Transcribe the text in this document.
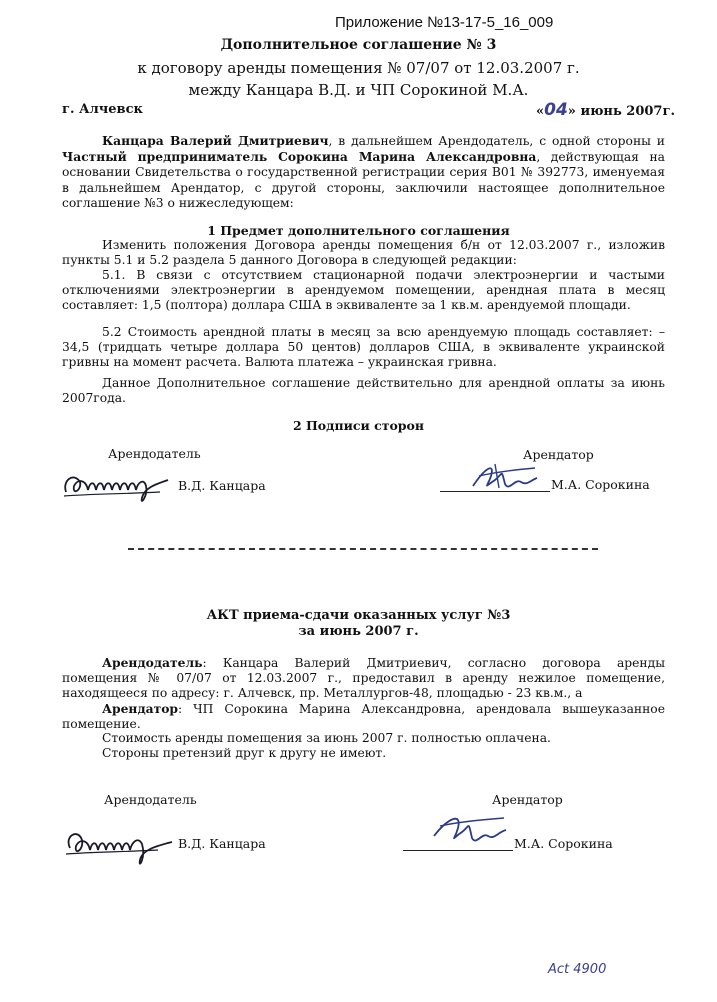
Приложение №13-17-5_16_009

Дополнительное соглашение № 3

к договору аренды помещения № 07/07 от 12.03.2007 г.

между Канцара В.Д. и ЧП Сорокиной М.А.

г. Алчевск	«04» июнь 2007г.

Канцара Валерий Дмитриевич, в дальнейшем Арендодатель, с одной стороны и Частный предприниматель Сорокина Марина Александровна, действующая на основании Свидетельства о государственной регистрации серия В01 № 392773, именуемая в дальнейшем Арендатор, с другой стороны, заключили настоящее дополнительное соглашение №3 о нижеследующем:

1 Предмет дополнительного соглашения

Изменить положения Договора аренды помещения б/н от 12.03.2007 г., изложив пункты 5.1 и 5.2 раздела 5 данного Договора в следующей редакции:

5.1. В связи с отсутствием стационарной подачи электроэнергии и частыми отключениями электроэнергии в арендуемом помещении, арендная плата в месяц составляет: 1,5 (полтора) доллара США в эквиваленте за 1 кв.м. арендуемой площади.

5.2 Стоимость арендной платы в месяц за всю арендуемую площадь составляет: – 34,5 (тридцать четыре доллара 50 центов) долларов США, в эквиваленте украинской гривны на момент расчета. Валюта платежа – украинская гривна.

Данное Дополнительное соглашение действительно для арендной оплаты за июнь 2007года.

2 Подписи сторон

Арендодатель

В.Д. Канцара

Арендатор

М.А. Сорокина

АКТ приема-сдачи оказанных услуг №3

за июнь 2007 г.

Арендодатель: Канцара Валерий Дмитриевич, согласно договора аренды помещения № 07/07 от 12.03.2007 г., предоставил в аренду нежилое помещение, находящееся по адресу: г. Алчевск, пр. Металлургов-48, площадью - 23 кв.м., а

Арендатор: ЧП Сорокина Марина Александровна, арендовала вышеуказанное помещение.

Стоимость аренды помещения за июнь 2007 г. полностью оплачена.

Стороны претензий друг к другу не имеют.

Арендодатель

В.Д. Канцара

Арендатор

М.А. Сорокина

Act 4900
